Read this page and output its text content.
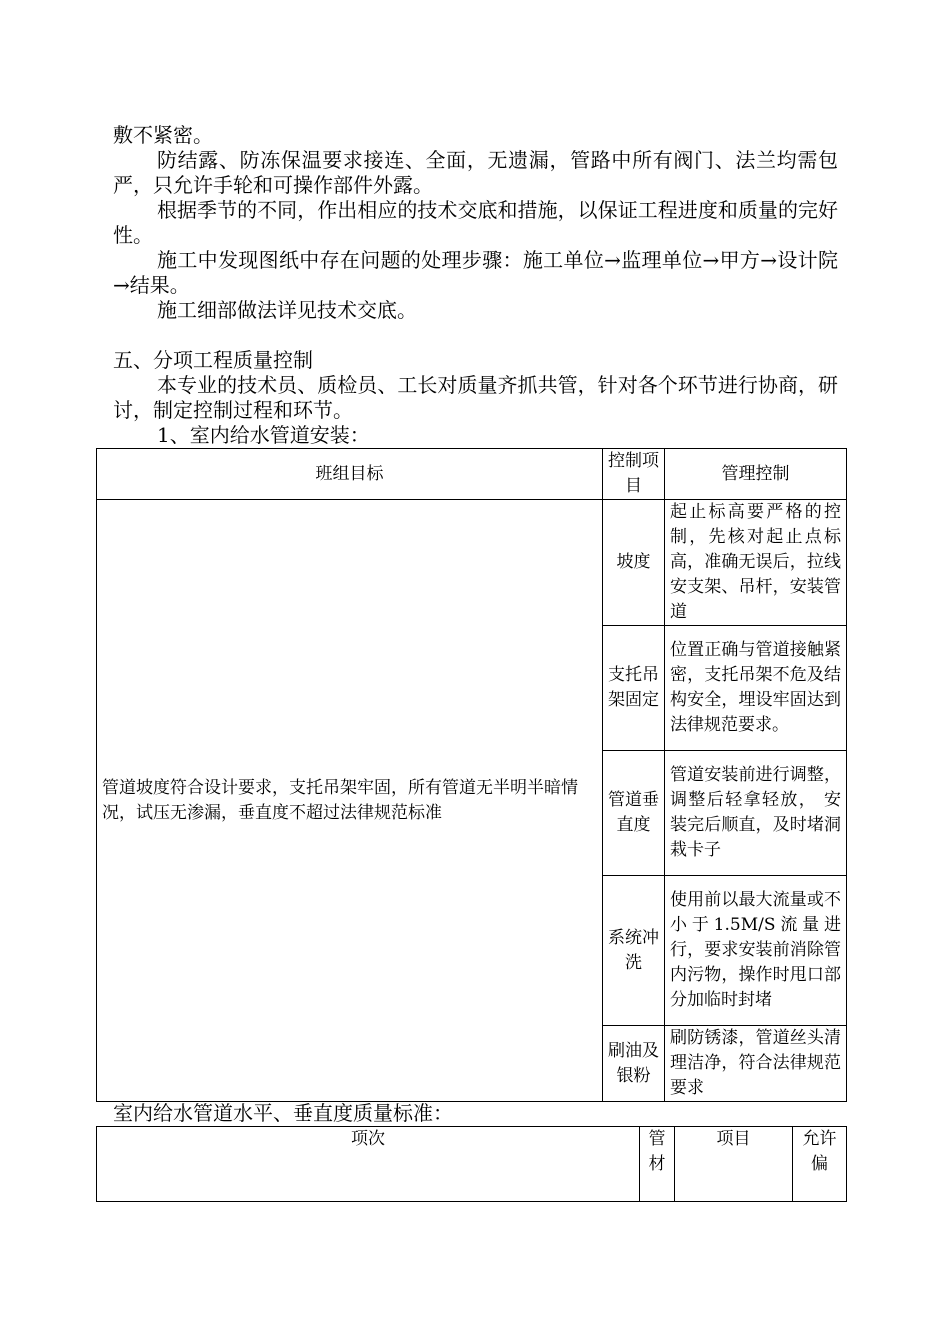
敷不紧密。

防结露、防冻保温要求接连、全面，无遗漏，管路中所有阀门、法兰均需包严，只允许手轮和可操作部件外露。

根据季节的不同，作出相应的技术交底和措施，以保证工程进度和质量的完好性。

施工中发现图纸中存在问题的处理步骤：施工单位→监理单位→甲方→设计院→结果。

施工细部做法详见技术交底。

五、分项工程质量控制

本专业的技术员、质检员、工长对质量齐抓共管，针对各个环节进行协商，研讨，制定控制过程和环节。

1、室内给水管道安装：

班组目标	控制项目	管理控制
管道坡度符合设计要求，支托吊架牢固，所有管道无半明半暗情况，试压无渗漏，垂直度不超过法律规范标准	坡度	起止标高要严格的控制，先核对起止点标高，准确无误后，拉线安支架、吊杆，安装管道
	支托吊架固定	位置正确与管道接触紧密，支托吊架不危及结构安全，埋设牢固达到法律规范要求。
	管道垂直度	管道安装前进行调整，调整后轻拿轻放， 安装完后顺直，及时堵洞栽卡子
	系统冲洗	使用前以最大流量或不小于1.5M/S流量进行，要求安装前消除管内污物，操作时甩口部分加临时封堵
	刷油及银粉	刷防锈漆，管道丝头清理洁净，符合法律规范要求

室内给水管道水平、垂直度质量标准：

项次	管材	项目	允许偏
